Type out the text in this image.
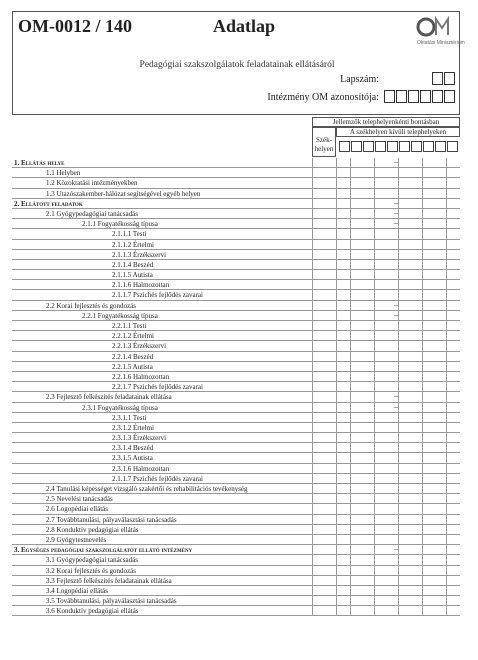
OM-0012 / 140	Adatlap
Oktatási Minisztérium
Pedagógiai szakszolgálatok feladatainak ellátásáról
Lapszám:
Intézmény OM azonosítója:
Jellemzők telephelyenkénti bontásban
Szék-helyen
A székhelyen kívüli telephelyeken
1. Ellátás helye	–
1.1 Helyben
1.2 Közoktatási intézményekben
1.3 Utazószakember-hálózat segítségével egyéb helyen
2. Ellátott feladatok	–
2.1 Gyógypedagógiai tanácsadás	–
2.1.1 Fogyatékosság típusa	–
2.1.1.1 Testi
2.1.1.2 Értelmi
2.1.1.3 Érzékszervi
2.1.1.4 Beszéd
2.1.1.5 Autista
2.1.1.6 Halmozottan
2.1.1.7 Pszichés fejlődés zavarai
2.2 Korai fejlesztés és gondozás	–
2.2.1 Fogyatékosság típusa	–
2.2.1.1 Testi
2.2.1.2 Értelmi
2.2.1.3 Érzékszervi
2.2.1.4 Beszéd
2.2.1.5 Autista
2.2.1.6 Halmozottan
2.2.1.7 Pszichés fejlődés zavarai
2.3 Fejlesztő felkészítés feladatainak ellátása	–
2.3.1 Fogyatékosság típusa	–
2.3.1.1 Testi
2.3.1.2 Értelmi
2.3.1.3 Érzékszervi
2.3.1.4 Beszéd
2.3.1.5 Autista
2.3.1.6 Halmozottan
2.1.1.7 Pszichés fejlődés zavarai
2.4 Tanulási képességet vizsgáló szakértői és rehabilitációs tevékenység
2.5 Nevelési tanácsadás
2.6 Logopédiai ellátás
2.7 Továbbtanulási, pályaválasztási tanácsadás
2.8 Konduktív pedagógiai ellátás
2.9 Gyógytestnevelés
3. Egységes pedagógiai szakszolgálatot ellátó intézmény	–
3.1 Gyógypedagógiai tanácsadás
3.2 Korai fejlesztés és gondozás
3.3 Fejlesztő felkészítés feladatainak ellátása
3.4 Logopédiai ellátás
3.5 Továbbtanulási, pályaválasztási tanácsadás
3.6 Konduktív pedagógiai ellátás
